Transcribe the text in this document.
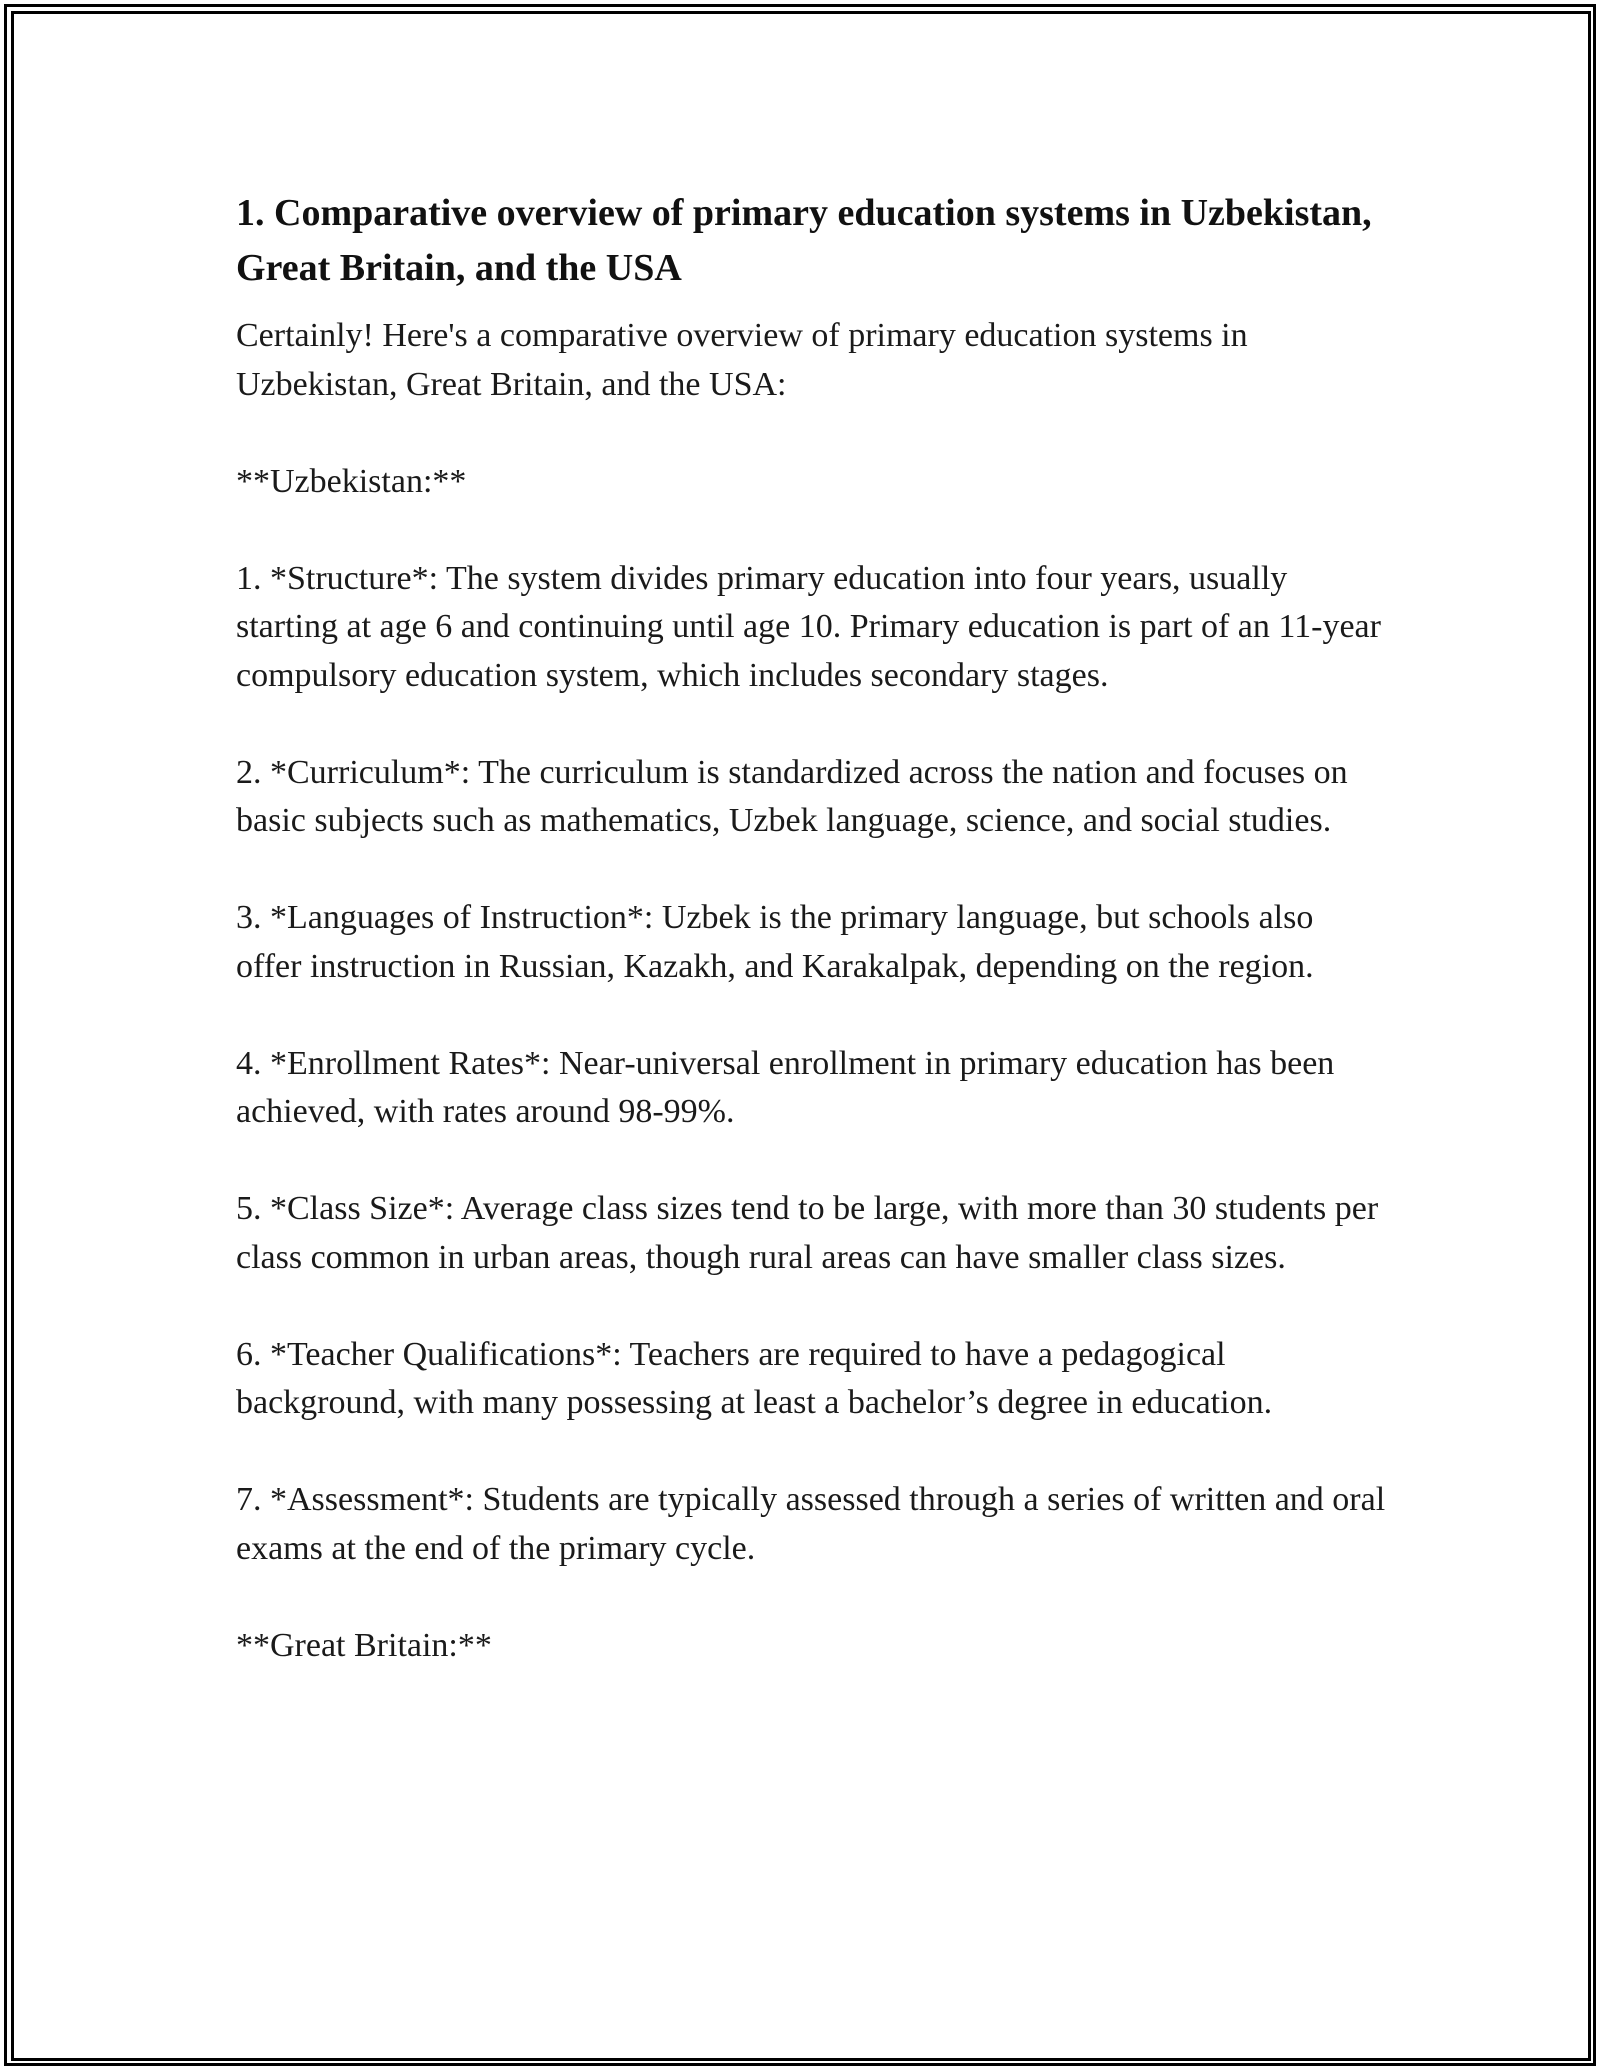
1. Comparative overview of primary education systems in Uzbekistan, Great Britain, and the USA

Certainly! Here's a comparative overview of primary education systems in Uzbekistan, Great Britain, and the USA:

**Uzbekistan:**

1. *Structure*: The system divides primary education into four years, usually starting at age 6 and continuing until age 10. Primary education is part of an 11-year compulsory education system, which includes secondary stages.

2. *Curriculum*: The curriculum is standardized across the nation and focuses on basic subjects such as mathematics, Uzbek language, science, and social studies.

3. *Languages of Instruction*: Uzbek is the primary language, but schools also offer instruction in Russian, Kazakh, and Karakalpak, depending on the region.

4. *Enrollment Rates*: Near-universal enrollment in primary education has been achieved, with rates around 98-99%.

5. *Class Size*: Average class sizes tend to be large, with more than 30 students per class common in urban areas, though rural areas can have smaller class sizes.

6. *Teacher Qualifications*: Teachers are required to have a pedagogical background, with many possessing at least a bachelor’s degree in education.

7. *Assessment*: Students are typically assessed through a series of written and oral exams at the end of the primary cycle.

**Great Britain:**
